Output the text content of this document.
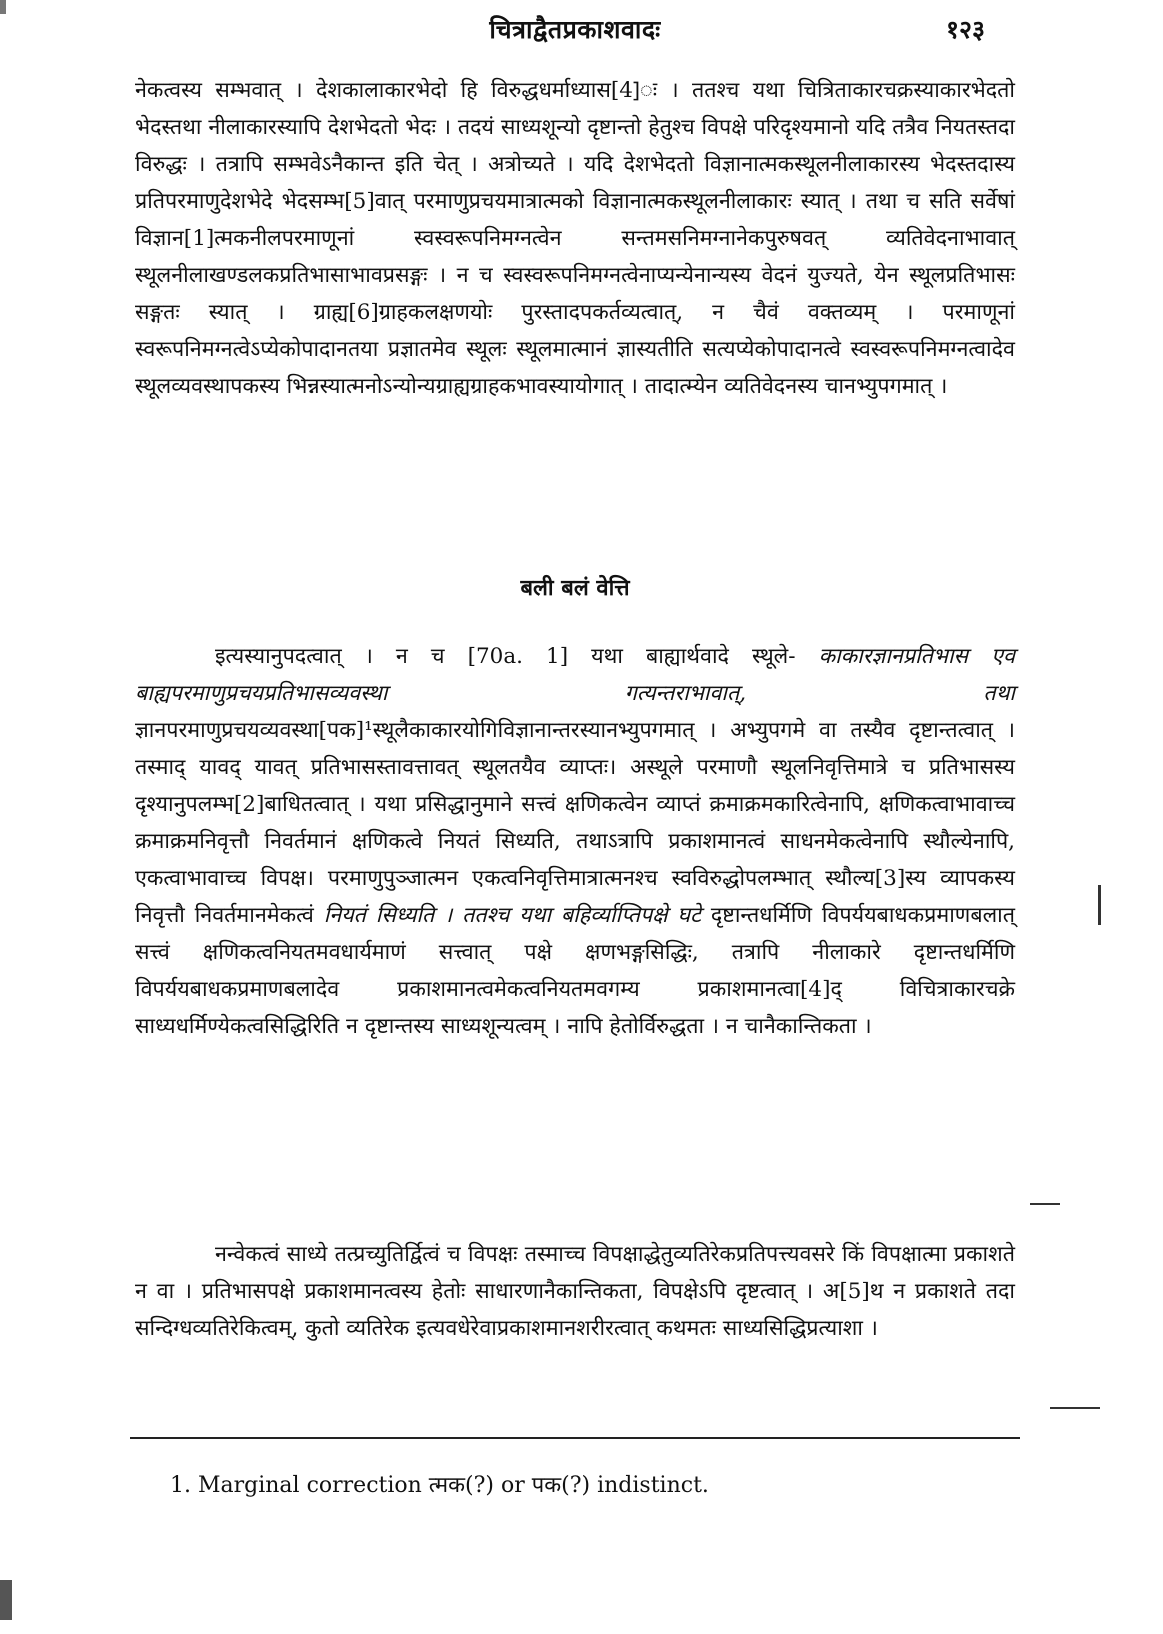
चित्राद्वैतप्रकाशवादः	१२३
नेकत्वस्य सम्भवात् । देशकालाकारभेदो हि विरुद्धधर्माध्यास[4]ः । ततश्च यथा चित्रिताकारचक्रस्याकारभेदतो भेदस्तथा नीलाकारस्यापि देशभेदतो भेदः । तदयं साध्यशून्यो दृष्टान्तो हेतुश्च विपक्षे परिदृश्यमानो यदि तत्रैव नियतस्तदा विरुद्धः । तत्रापि सम्भवेऽनैकान्त इति चेत् । अत्रोच्यते । यदि देशभेदतो विज्ञानात्मकस्थूलनीलाकारस्य भेदस्तदास्य प्रतिपरमाणुदेशभेदे भेदसम्भ[5]वात् परमाणुप्रचयमात्रात्मको विज्ञानात्मकस्थूलनीलाकारः स्यात् । तथा च सति सर्वेषां विज्ञान[1]त्मकनीलपरमाणूनां स्वस्वरूपनिमग्नत्वेन सन्तमसनिमग्नानेकपुरुषवत् व्यतिवेदनाभावात् स्थूलनीलाखण्डलकप्रतिभासाभावप्रसङ्गः । न च स्वस्वरूपनिमग्नत्वेनाप्यन्येनान्यस्य वेदनं युज्यते, येन स्थूलप्रतिभासः सङ्गतः स्यात् । ग्राह्य[6]ग्राहकलक्षणयोः पुरस्तादपकर्तव्यत्वात्, न चैवं वक्तव्यम् । परमाणूनां स्वरूपनिमग्नत्वेऽप्येकोपादानतया प्रज्ञातमेव स्थूलः स्थूलमात्मानं ज्ञास्यतीति सत्यप्येकोपादानत्वे स्वस्वरूपनिमग्नत्वादेव स्थूलव्यवस्थापकस्य भिन्नस्यात्मनोऽन्योन्यग्राह्यग्राहकभावस्यायोगात् । तादात्म्येन व्यतिवेदनस्य चानभ्युपगमात् ।
बली बलं वेत्ति
इत्यस्यानुपदत्वात् । न च [70a. 1] यथा बाह्यार्थवादे स्थूले- काकारज्ञानप्रतिभास एव बाह्यपरमाणुप्रचयप्रतिभासव्यवस्था गत्यन्तराभावात्, तथा ज्ञानपरमाणुप्रचयव्यवस्था[पक]¹स्थूलैकाकारयोगिविज्ञानान्तरस्यानभ्युपगमात् । अभ्युपगमे वा तस्यैव दृष्टान्तत्वात् । तस्माद् यावद् यावत् प्रतिभासस्तावत्तावत् स्थूलतयैव व्याप्तः। अस्थूले परमाणौ स्थूलनिवृत्तिमात्रे च प्रतिभासस्य दृश्यानुपलम्भ[2]बाधितत्वात् । यथा प्रसिद्धानुमाने सत्त्वं क्षणिकत्वेन व्याप्तं क्रमाक्रमकारित्वेनापि, क्षणिकत्वाभावाच्च क्रमाक्रमनिवृत्तौ निवर्तमानं क्षणिकत्वे नियतं सिध्यति, तथाऽत्रापि प्रकाशमानत्वं साधनमेकत्वेनापि स्थौल्येनापि, एकत्वाभावाच्च विपक्ष। परमाणुपुञ्जात्मन एकत्वनिवृत्तिमात्रात्मनश्च स्वविरुद्धोपलम्भात् स्थौल्य[3]स्य व्यापकस्य निवृत्तौ निवर्तमानमेकत्वं नियतं सिध्यति । ततश्च यथा बहिर्व्याप्तिपक्षे घटे दृष्टान्तधर्मिणि विपर्ययबाधकप्रमाणबलात् सत्त्वं क्षणिकत्वनियतमवधार्यमाणं सत्त्वात् पक्षे क्षणभङ्गसिद्धिः, तत्रापि नीलाकारे दृष्टान्तधर्मिणि विपर्ययबाधकप्रमाणबलादेव प्रकाशमानत्वमेकत्वनियतमवगम्य प्रकाशमानत्वा[4]द् विचित्राकारचक्रे साध्यधर्मिण्येकत्वसिद्धिरिति न दृष्टान्तस्य साध्यशून्यत्वम् । नापि हेतोर्विरुद्धता । न चानैकान्तिकता ।
नन्वेकत्वं साध्ये तत्प्रच्युतिर्द्वित्वं च विपक्षः तस्माच्च विपक्षाद्धेतुव्यतिरेकप्रतिपत्त्यवसरे किं विपक्षात्मा प्रकाशते न वा । प्रतिभासपक्षे प्रकाशमानत्वस्य हेतोः साधारणानैकान्तिकता, विपक्षेऽपि दृष्टत्वात् । अ[5]थ न प्रकाशते तदा सन्दिग्धव्यतिरेकित्वम्, कुतो व्यतिरेक इत्यवधेरेवाप्रकाशमानशरीरत्वात् कथमतः साध्यसिद्धिप्रत्याशा ।
1. Marginal correction त्मक(?) or पक(?) indistinct.
